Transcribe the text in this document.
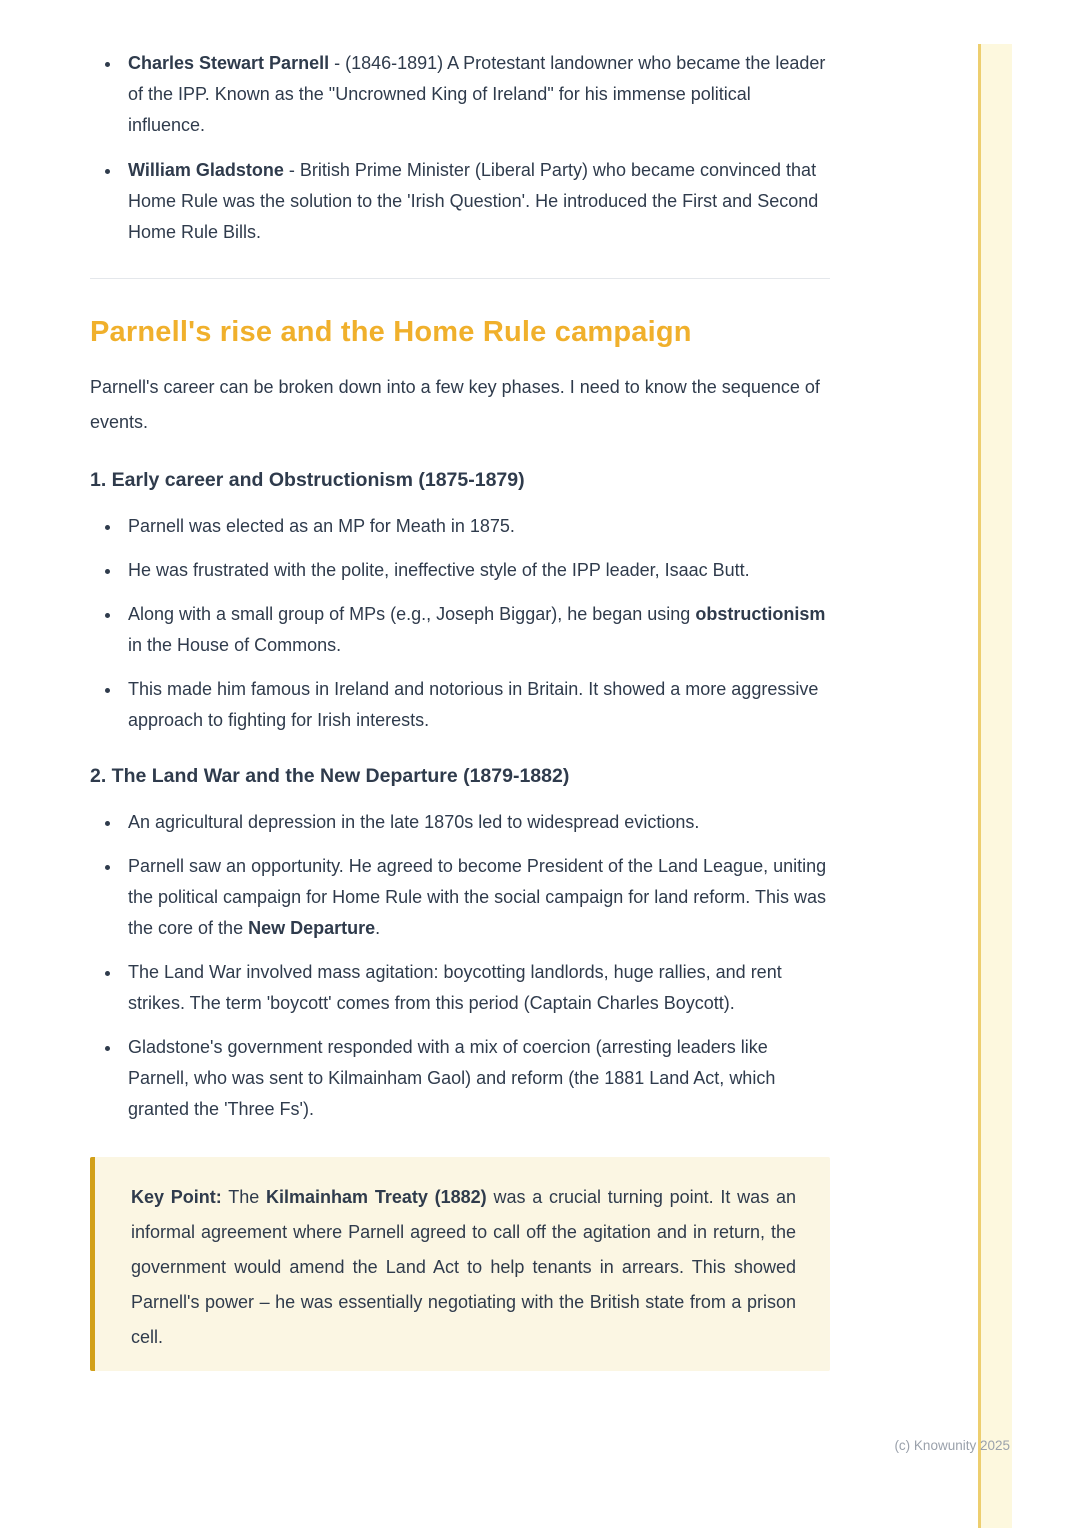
• Charles Stewart Parnell - (1846-1891) A Protestant landowner who became the leader of the IPP. Known as the "Uncrowned King of Ireland" for his immense political influence.
• William Gladstone - British Prime Minister (Liberal Party) who became convinced that Home Rule was the solution to the 'Irish Question'. He introduced the First and Second Home Rule Bills.
Parnell's rise and the Home Rule campaign

Parnell's career can be broken down into a few key phases. I need to know the sequence of events.

1. Early career and Obstructionism (1875-1879)
• Parnell was elected as an MP for Meath in 1875.
• He was frustrated with the polite, ineffective style of the IPP leader, Isaac Butt.
• Along with a small group of MPs (e.g., Joseph Biggar), he began using obstructionism in the House of Commons.
• This made him famous in Ireland and notorious in Britain. It showed a more aggressive approach to fighting for Irish interests.
2. The Land War and the New Departure (1879-1882)
• An agricultural depression in the late 1870s led to widespread evictions.
• Parnell saw an opportunity. He agreed to become President of the Land League, uniting the political campaign for Home Rule with the social campaign for land reform. This was the core of the New Departure.
• The Land War involved mass agitation: boycotting landlords, huge rallies, and rent strikes. The term 'boycott' comes from this period (Captain Charles Boycott).
• Gladstone's government responded with a mix of coercion (arresting leaders like Parnell, who was sent to Kilmainham Gaol) and reform (the 1881 Land Act, which granted the 'Three Fs').
Key Point: The Kilmainham Treaty (1882) was a crucial turning point. It was an informal agreement where Parnell agreed to call off the agitation and in return, the government would amend the Land Act to help tenants in arrears. This showed Parnell's power – he was essentially negotiating with the British state from a prison cell.
(c) Knowunity 2025
